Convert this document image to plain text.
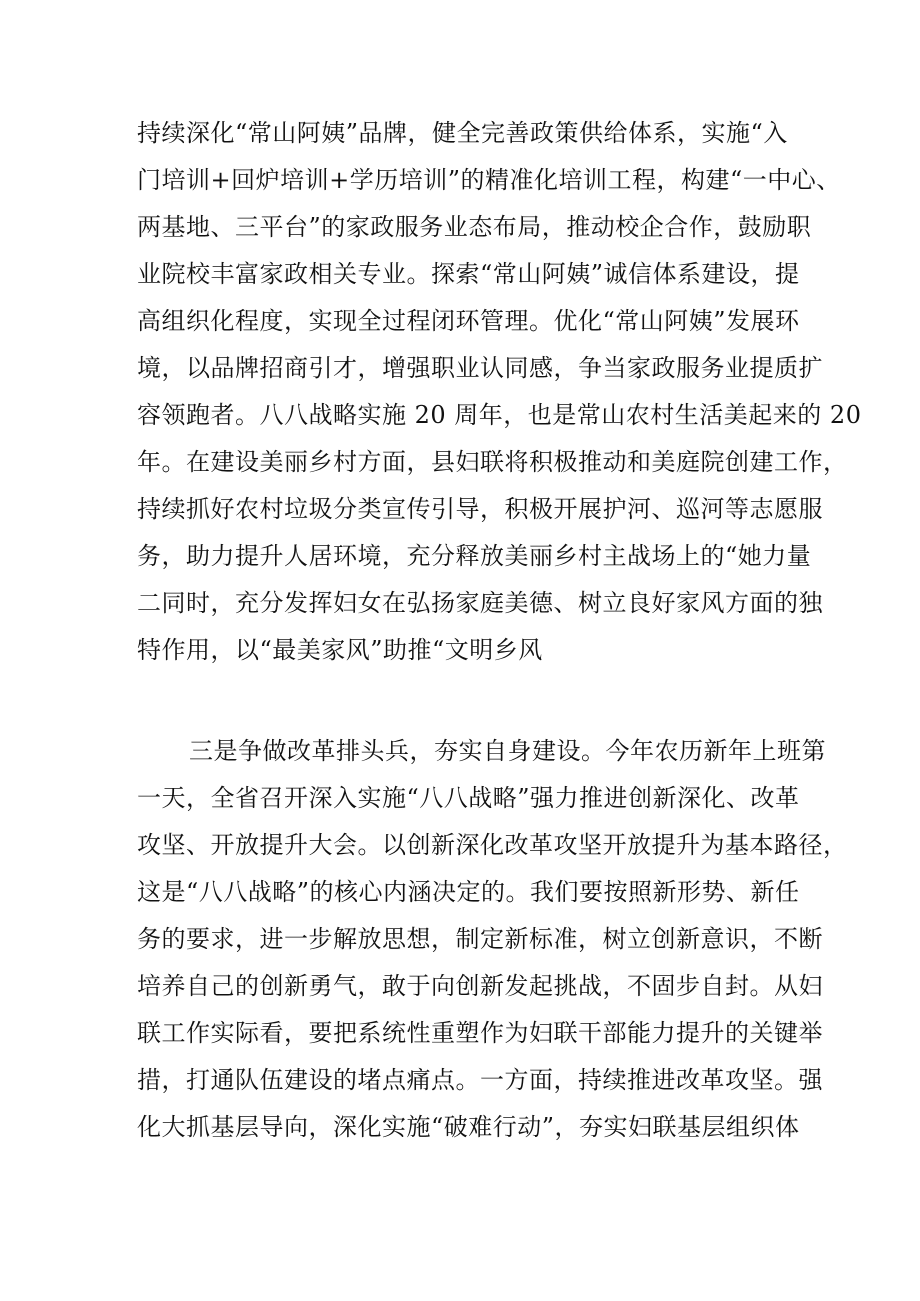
持续深化“常山阿姨”品牌，健全完善政策供给体系，实施“入
门培训+回炉培训+学历培训”的精准化培训工程，构建“一中心、
两基地、三平台”的家政服务业态布局，推动校企合作，鼓励职
业院校丰富家政相关专业。探索“常山阿姨”诚信体系建设，提
高组织化程度，实现全过程闭环管理。优化“常山阿姨”发展环
境，以品牌招商引才，增强职业认同感，争当家政服务业提质扩
容领跑者。八八战略实施 20 周年，也是常山农村生活美起来的 20
年。在建设美丽乡村方面，县妇联将积极推动和美庭院创建工作，
持续抓好农村垃圾分类宣传引导，积极开展护河、巡河等志愿服
务，助力提升人居环境，充分释放美丽乡村主战场上的“她力量
二同时，充分发挥妇女在弘扬家庭美德、树立良好家风方面的独
特作用，以“最美家风”助推“文明乡风
三是争做改革排头兵，夯实自身建设。今年农历新年上班第
一天，全省召开深入实施“八八战略”强力推进创新深化、改革
攻坚、开放提升大会。以创新深化改革攻坚开放提升为基本路径，
这是“八八战略”的核心内涵决定的。我们要按照新形势、新任
务的要求，进一步解放思想，制定新标准，树立创新意识，不断
培养自己的创新勇气，敢于向创新发起挑战，不固步自封。从妇
联工作实际看，要把系统性重塑作为妇联干部能力提升的关键举
措，打通队伍建设的堵点痛点。一方面，持续推进改革攻坚。强
化大抓基层导向，深化实施“破难行动”，夯实妇联基层组织体
